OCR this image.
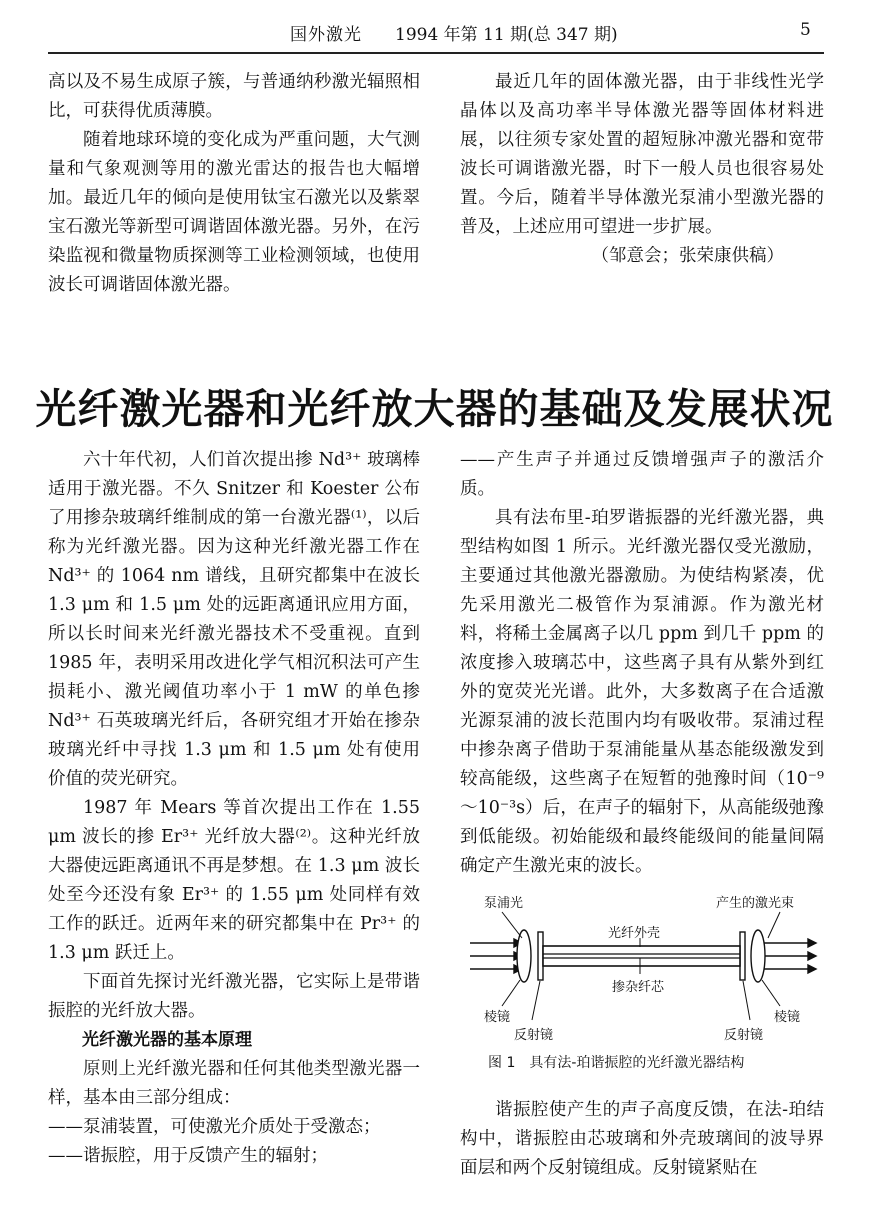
国外激光 1994 年第 11 期(总 347 期)	5

高以及不易生成原子簇，与普通纳秒激光辐照相比，可获得优质薄膜。

随着地球环境的变化成为严重问题，大气测量和气象观测等用的激光雷达的报告也大幅增加。最近几年的倾向是使用钛宝石激光以及紫翠宝石激光等新型可调谐固体激光器。另外，在污染监视和微量物质探测等工业检测领域，也使用波长可调谐固体激光器。

最近几年的固体激光器，由于非线性光学晶体以及高功率半导体激光器等固体材料进展，以往须专家处置的超短脉冲激光器和宽带波长可调谐激光器，时下一般人员也很容易处置。今后，随着半导体激光泵浦小型激光器的普及，上述应用可望进一步扩展。

（邹意会；张荣康供稿）

光纤激光器和光纤放大器的基础及发展状况

六十年代初，人们首次提出掺 Nd³⁺ 玻璃棒适用于激光器。不久 Snitzer 和 Koester 公布了用掺杂玻璃纤维制成的第一台激光器⁽¹⁾，以后称为光纤激光器。因为这种光纤激光器工作在 Nd³⁺ 的 1064 nm 谱线，且研究都集中在波长 1.3 μm 和 1.5 μm 处的远距离通讯应用方面，所以长时间来光纤激光器技术不受重视。直到 1985 年，表明采用改进化学气相沉积法可产生损耗小、激光阈值功率小于 1 mW 的单色掺 Nd³⁺ 石英玻璃光纤后，各研究组才开始在掺杂玻璃光纤中寻找 1.3 μm 和 1.5 μm 处有使用价值的荧光研究。

1987 年 Mears 等首次提出工作在 1.55 μm 波长的掺 Er³⁺ 光纤放大器⁽²⁾。这种光纤放大器使远距离通讯不再是梦想。在 1.3 μm 波长处至今还没有象 Er³⁺ 的 1.55 μm 处同样有效工作的跃迁。近两年来的研究都集中在 Pr³⁺ 的 1.3 μm 跃迁上。

下面首先探讨光纤激光器，它实际上是带谐振腔的光纤放大器。

光纤激光器的基本原理

原则上光纤激光器和任何其他类型激光器一样，基本由三部分组成：

——泵浦装置，可使激光介质处于受激态；

——谐振腔，用于反馈产生的辐射；

——产生声子并通过反馈增强声子的激活介质。

具有法布里-珀罗谐振器的光纤激光器，典型结构如图 1 所示。光纤激光器仅受光激励，主要通过其他激光器激励。为使结构紧凑，优先采用激光二极管作为泵浦源。作为激光材料，将稀土金属离子以几 ppm 到几千 ppm 的浓度掺入玻璃芯中，这些离子具有从紫外到红外的宽荧光光谱。此外，大多数离子在合适激光源泵浦的波长范围内均有吸收带。泵浦过程中掺杂离子借助于泵浦能量从基态能级激发到较高能级，这些离子在短暂的弛豫时间（10⁻⁹～10⁻³s）后，在声子的辐射下，从高能级弛豫到低能级。初始能级和最终能级间的能量间隔确定产生激光束的波长。

泵浦光	产生的激光束
光纤外壳
掺杂纤芯
棱镜
反射镜
棱镜
反射镜
图 1　具有法-珀谐振腔的光纤激光器结构

谐振腔使产生的声子高度反馈，在法-珀结构中，谐振腔由芯玻璃和外壳玻璃间的波导界面层和两个反射镜组成。反射镜紧贴在
